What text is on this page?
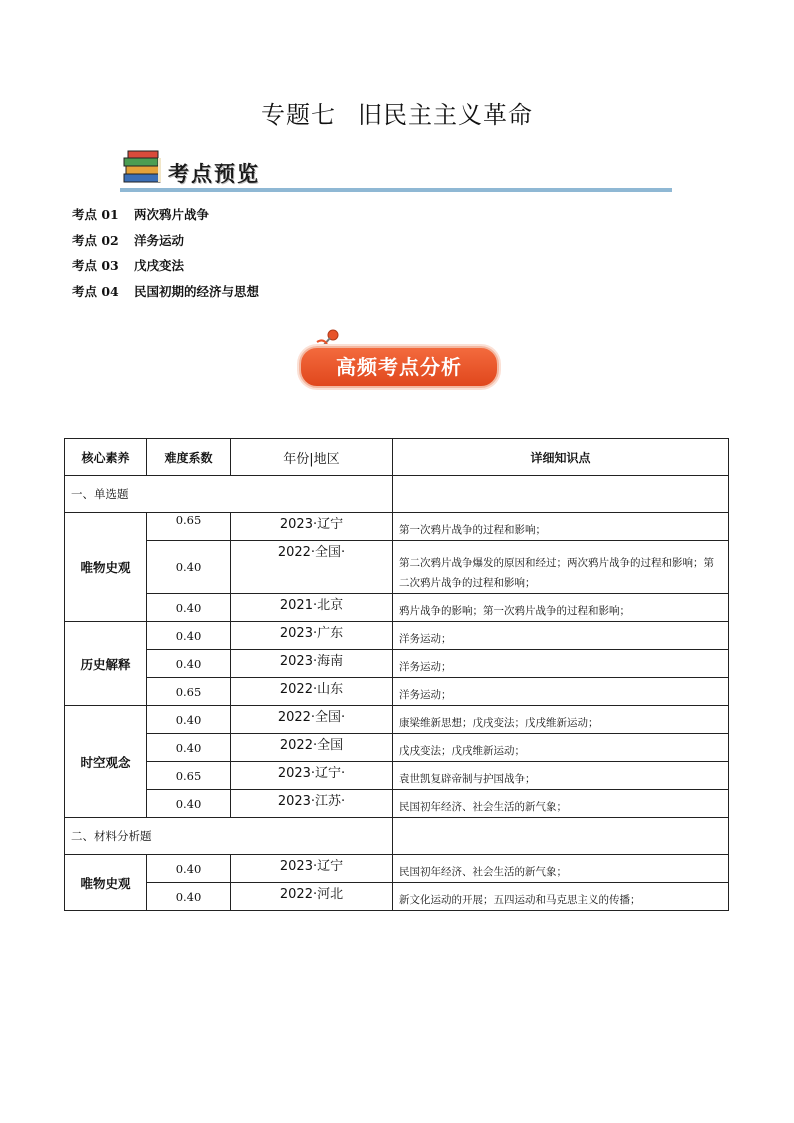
专题七 旧民主主义革命
考点预览
考点 01 两次鸦片战争
考点 02 洋务运动
考点 03 戊戌变法
考点 04 民国初期的经济与思想
高频考点分析
核心素养	难度系数	年份|地区	详细知识点
一、单选题			
唯物史观	0.65	2023·辽宁	第一次鸦片战争的过程和影响；
	0.40	2022·全国·	第二次鸦片战争爆发的原因和经过；两次鸦片战争的过程和影响；第二次鸦片战争的过程和影响；
	0.40	2021·北京	鸦片战争的影响；第一次鸦片战争的过程和影响；
历史解释	0.40	2023·广东	洋务运动；
	0.40	2023·海南	洋务运动；
	0.65	2022·山东	洋务运动；
时空观念	0.40	2022·全国·	康梁维新思想；戊戌变法；戊戌维新运动；
	0.40	2022·全国	戊戌变法；戊戌维新运动；
	0.65	2023·辽宁·	袁世凯复辟帝制与护国战争；
	0.40	2023·江苏·	民国初年经济、社会生活的新气象；
二、材料分析题			
唯物史观	0.40	2023·辽宁	民国初年经济、社会生活的新气象；
	0.40	2022·河北	新文化运动的开展；五四运动和马克思主义的传播；
